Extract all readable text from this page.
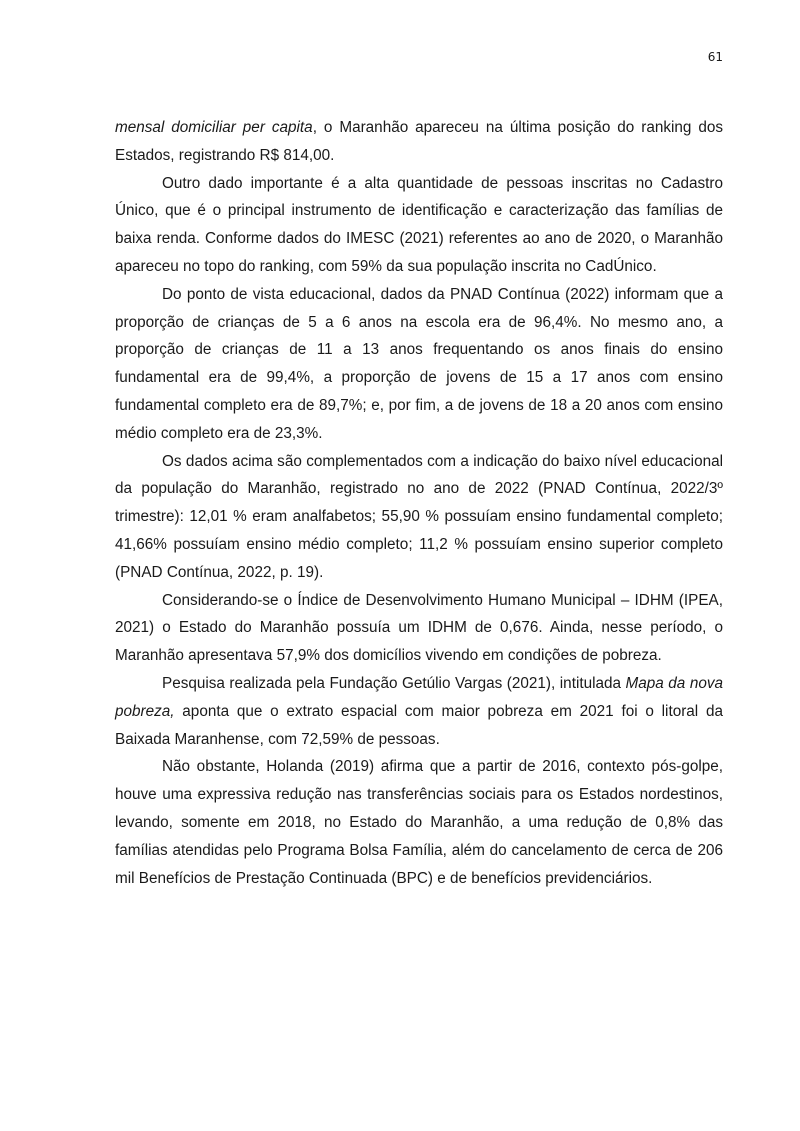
61

mensal domiciliar per capita, o Maranhão apareceu na última posição do ranking dos Estados, registrando R$ 814,00.

Outro dado importante é a alta quantidade de pessoas inscritas no Cadastro Único, que é o principal instrumento de identificação e caracterização das famílias de baixa renda. Conforme dados do IMESC (2021) referentes ao ano de 2020, o Maranhão apareceu no topo do ranking, com 59% da sua população inscrita no CadÚnico.

Do ponto de vista educacional, dados da PNAD Contínua (2022) informam que a proporção de crianças de 5 a 6 anos na escola era de 96,4%. No mesmo ano, a proporção de crianças de 11 a 13 anos frequentando os anos finais do ensino fundamental era de 99,4%, a proporção de jovens de 15 a 17 anos com ensino fundamental completo era de 89,7%; e, por fim, a de jovens de 18 a 20 anos com ensino médio completo era de 23,3%.

Os dados acima são complementados com a indicação do baixo nível educacional da população do Maranhão, registrado no ano de 2022 (PNAD Contínua, 2022/3º trimestre): 12,01 % eram analfabetos; 55,90 % possuíam ensino fundamental completo; 41,66% possuíam ensino médio completo; 11,2 % possuíam ensino superior completo (PNAD Contínua, 2022, p. 19).

Considerando-se o Índice de Desenvolvimento Humano Municipal – IDHM (IPEA, 2021) o Estado do Maranhão possuía um IDHM de 0,676. Ainda, nesse período, o Maranhão apresentava 57,9% dos domicílios vivendo em condições de pobreza.

Pesquisa realizada pela Fundação Getúlio Vargas (2021), intitulada Mapa da nova pobreza, aponta que o extrato espacial com maior pobreza em 2021 foi o litoral da Baixada Maranhense, com 72,59% de pessoas.

Não obstante, Holanda (2019) afirma que a partir de 2016, contexto pós-golpe, houve uma expressiva redução nas transferências sociais para os Estados nordestinos, levando, somente em 2018, no Estado do Maranhão, a uma redução de 0,8% das famílias atendidas pelo Programa Bolsa Família, além do cancelamento de cerca de 206 mil Benefícios de Prestação Continuada (BPC) e de benefícios previdenciários.
